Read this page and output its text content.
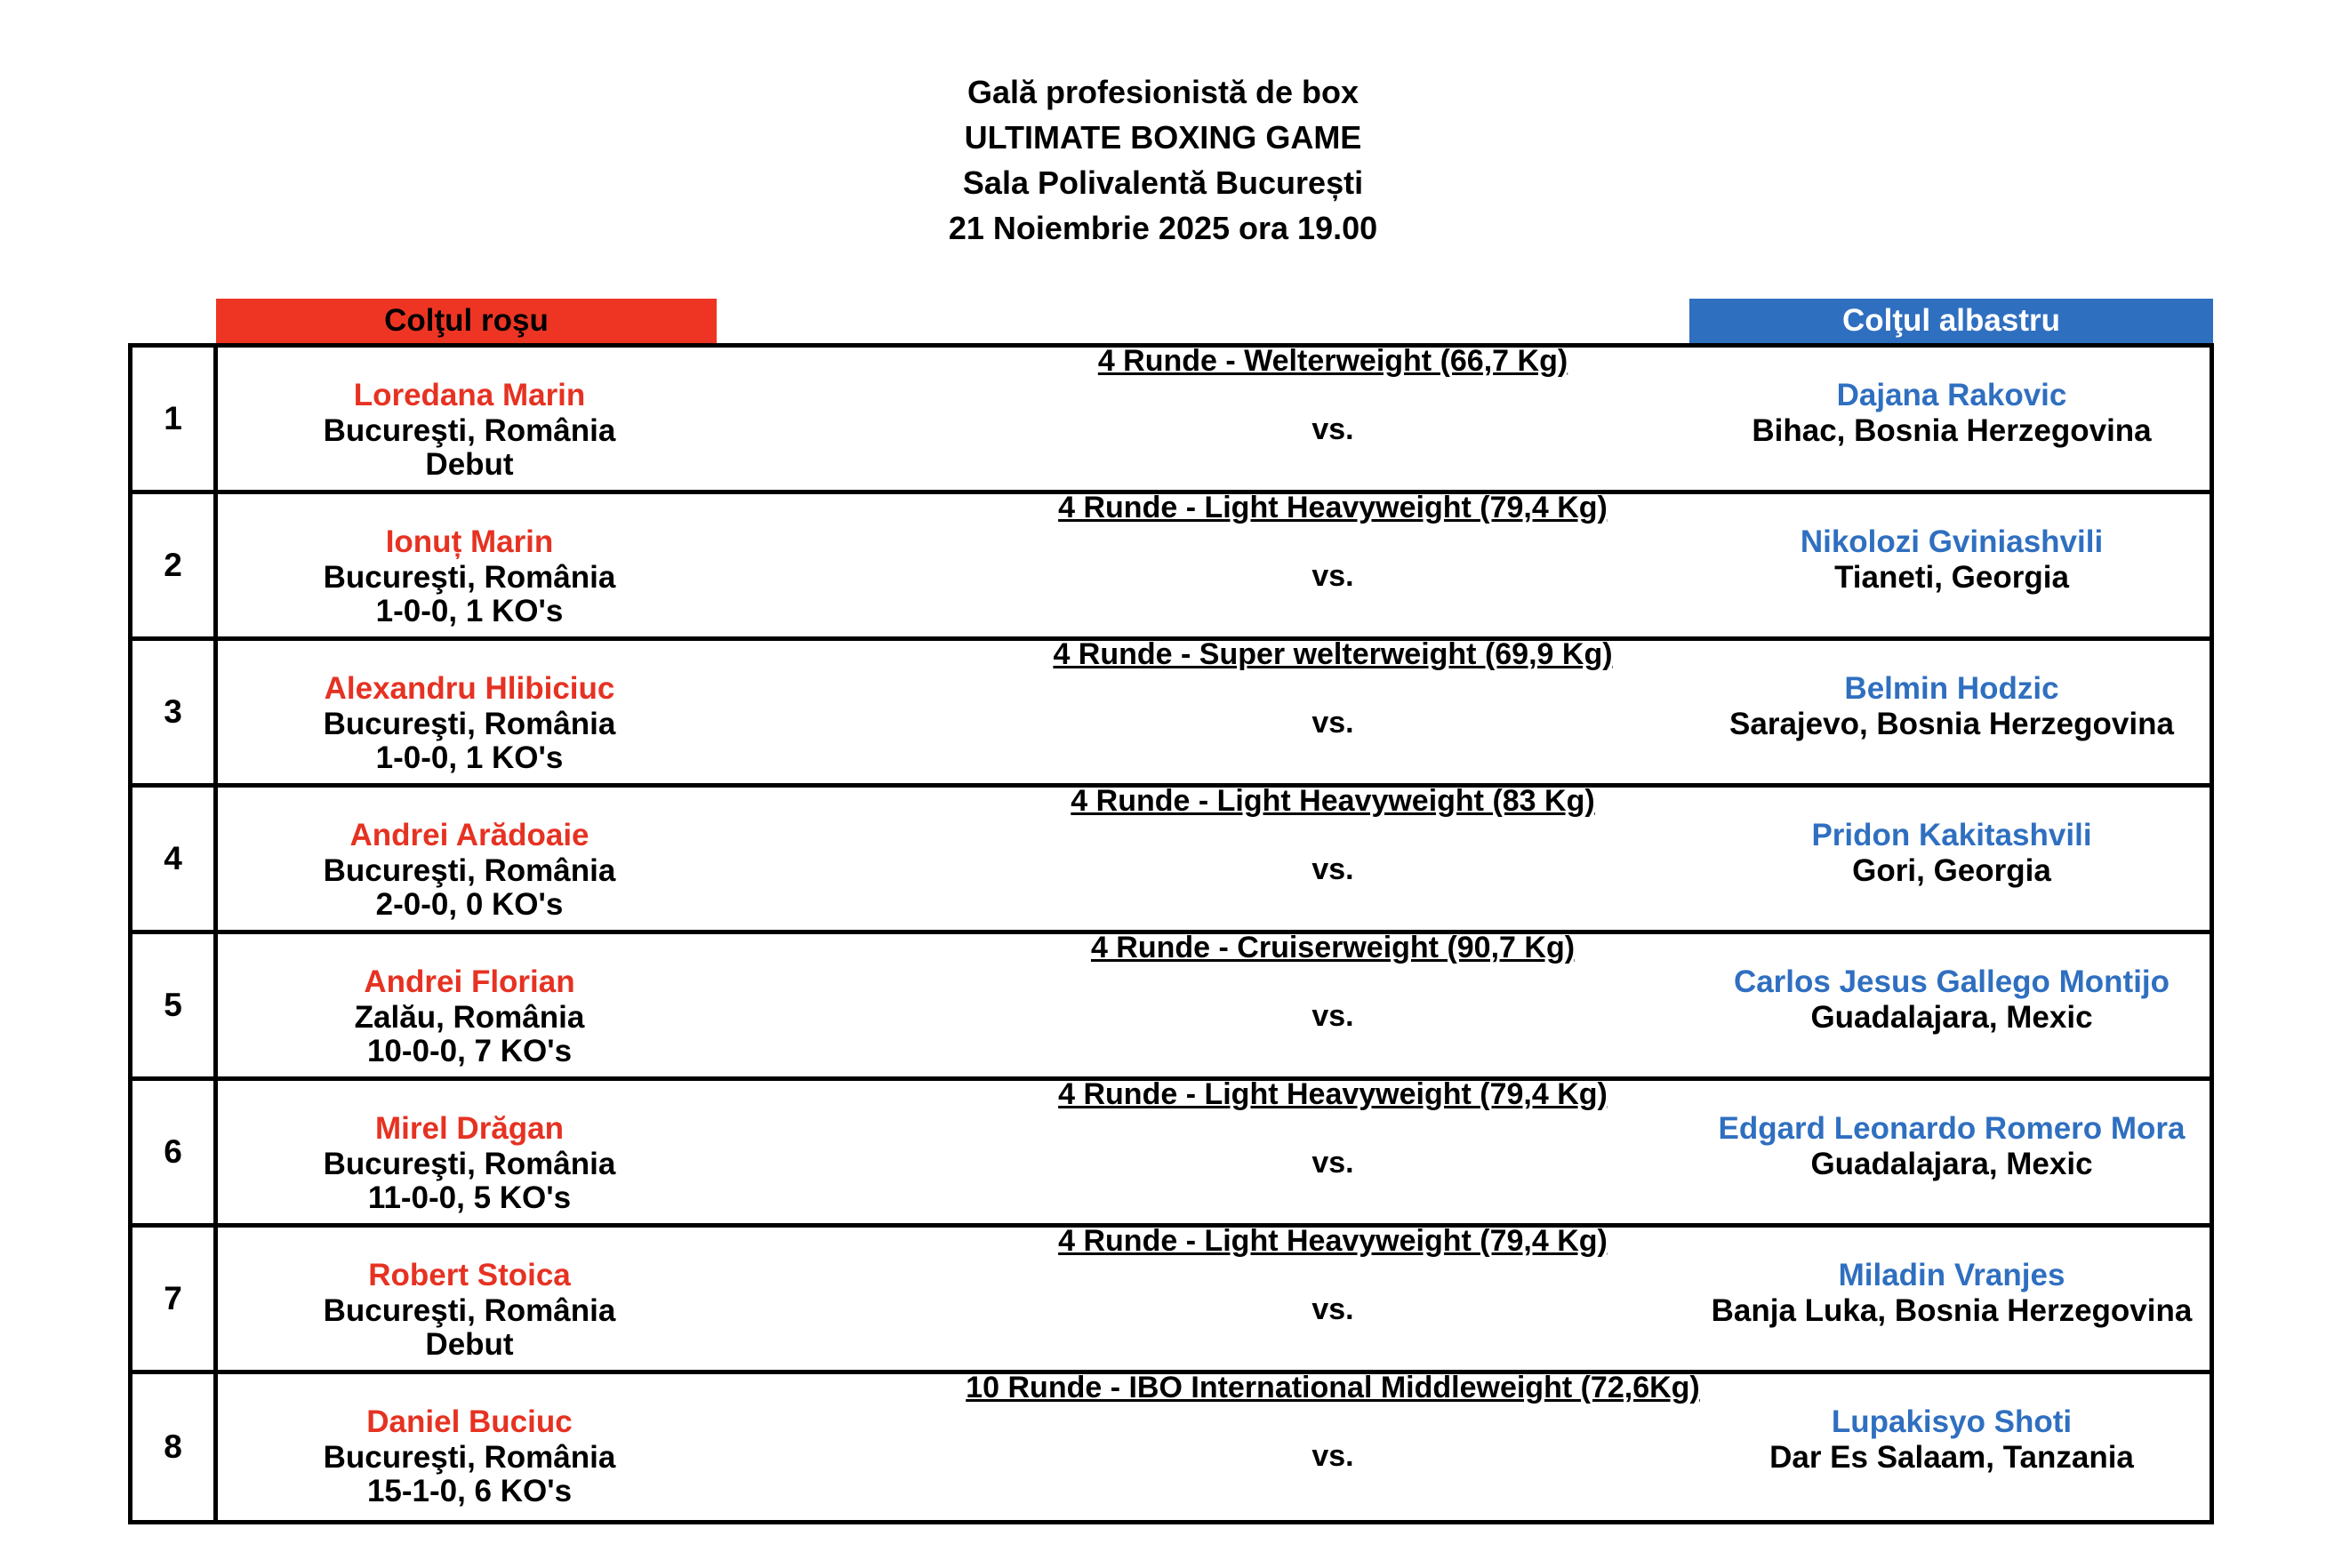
Gală profesionistă de box
ULTIMATE BOXING GAME
Sala Polivalentă București
21 Noiembrie 2025 ora 19.00
Colţul roşu	Colţul albastru
1
4 Runde - Welterweight (66,7 Kg)
Loredana Marin
Bucureşti, România
Debut
vs.
Dajana Rakovic
Bihac, Bosnia Herzegovina
2
4 Runde - Light Heavyweight (79,4 Kg)
Ionuț Marin
Bucureşti, România
1-0-0, 1 KO's
vs.
Nikolozi Gviniashvili
Tianeti, Georgia
3
4 Runde - Super welterweight (69,9 Kg)
Alexandru Hlibiciuc
Bucureşti, România
1-0-0, 1 KO's
vs.
Belmin Hodzic
Sarajevo, Bosnia Herzegovina
4
4 Runde - Light Heavyweight (83 Kg)
Andrei Arădoaie
Bucureşti, România
2-0-0, 0 KO's
vs.
Pridon Kakitashvili
Gori, Georgia
5
4 Runde - Cruiserweight (90,7 Kg)
Andrei Florian
Zalău, România
10-0-0, 7 KO's
vs.
Carlos Jesus Gallego Montijo
Guadalajara, Mexic
6
4 Runde - Light Heavyweight (79,4 Kg)
Mirel Drăgan
Bucureşti, România
11-0-0, 5 KO's
vs.
Edgard Leonardo Romero Mora
Guadalajara, Mexic
7
4 Runde - Light Heavyweight (79,4 Kg)
Robert Stoica
Bucureşti, România
Debut
vs.
Miladin Vranjes
Banja Luka, Bosnia Herzegovina
8
10 Runde - IBO International Middleweight (72,6Kg)
Daniel Buciuc
Bucureşti, România
15-1-0, 6 KO's
vs.
Lupakisyo Shoti
Dar Es Salaam, Tanzania
